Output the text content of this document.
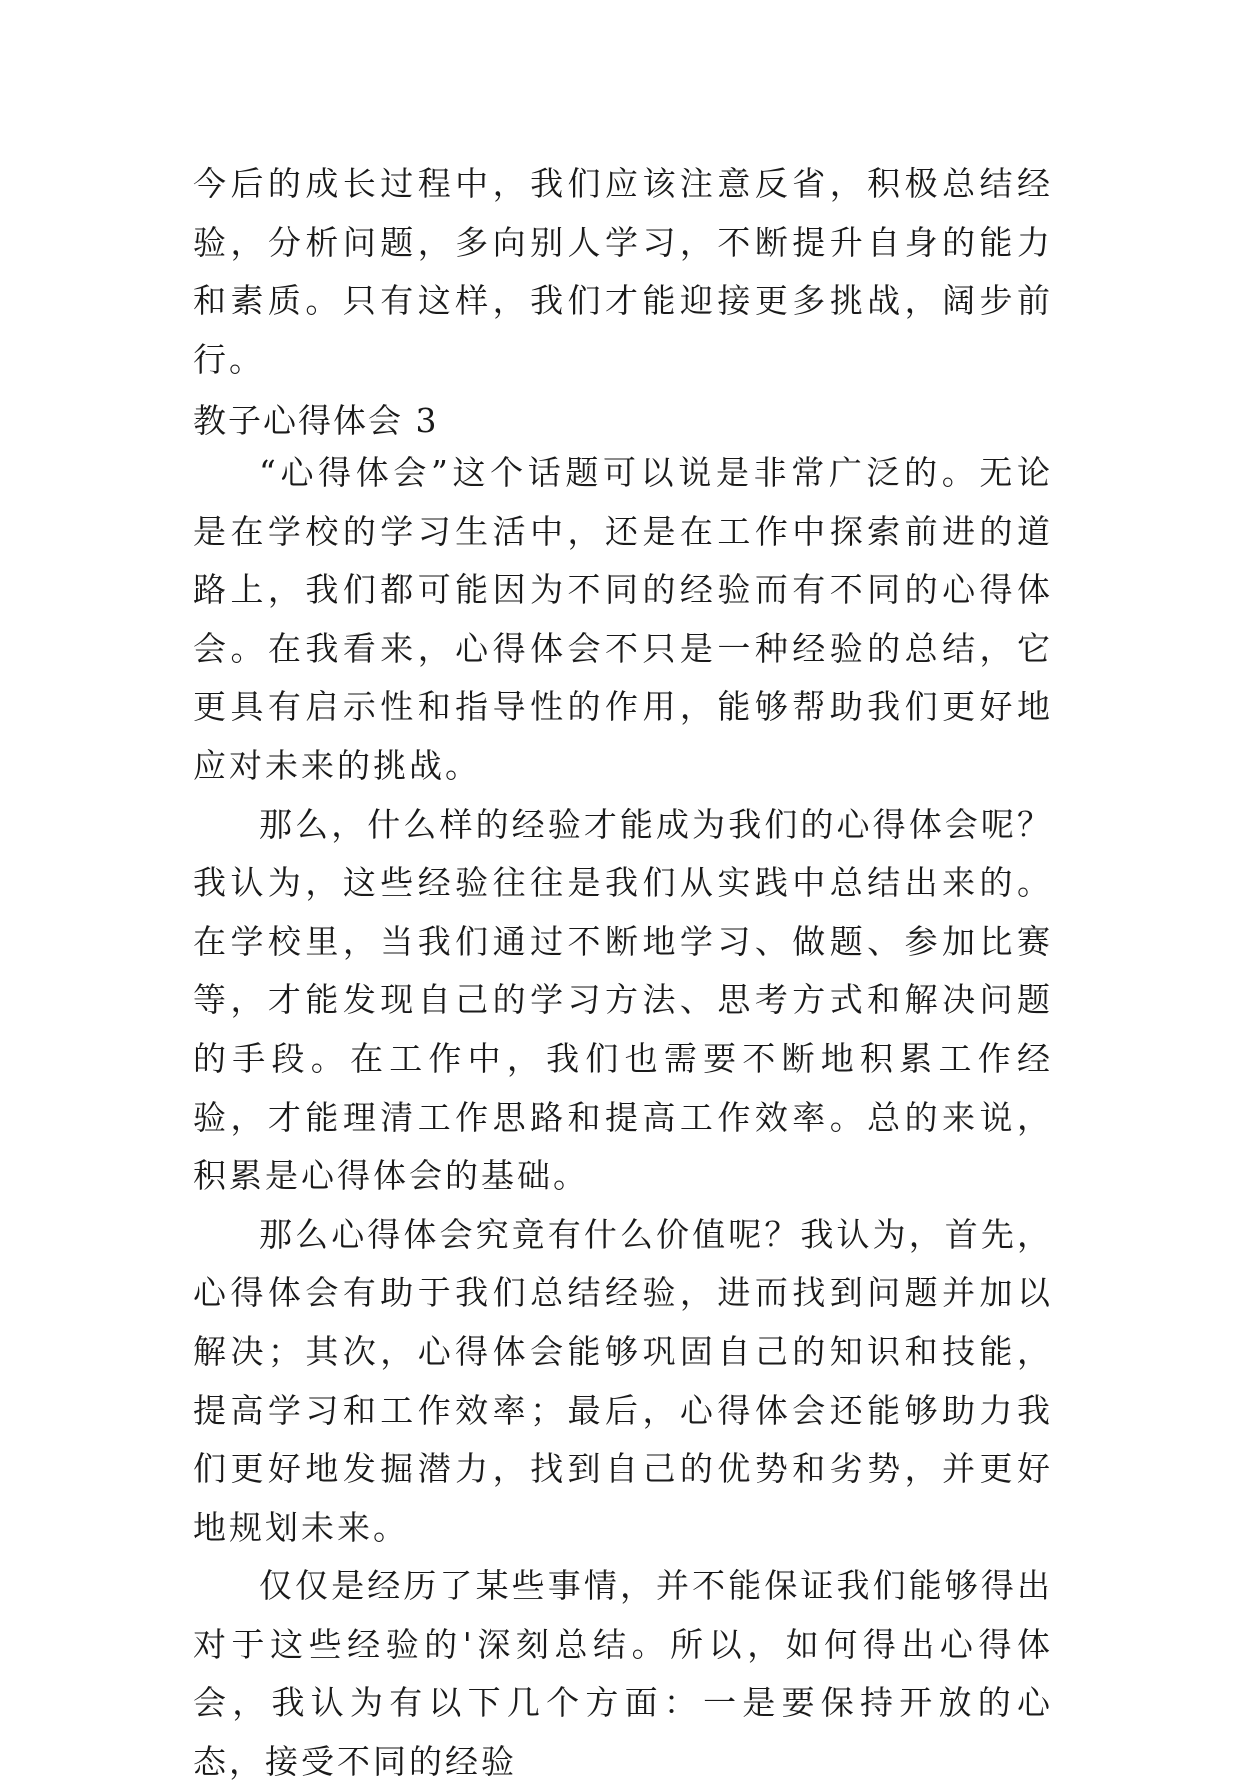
今后的成长过程中，我们应该注意反省，积极总结经验，分析问题，多向别人学习，不断提升自身的能力和素质。只有这样，我们才能迎接更多挑战，阔步前行。

教子心得体会 3

“心得体会”这个话题可以说是非常广泛的。无论是在学校的学习生活中，还是在工作中探索前进的道路上，我们都可能因为不同的经验而有不同的心得体会。在我看来，心得体会不只是一种经验的总结，它更具有启示性和指导性的作用，能够帮助我们更好地应对未来的挑战。

那么，什么样的经验才能成为我们的心得体会呢？我认为，这些经验往往是我们从实践中总结出来的。在学校里，当我们通过不断地学习、做题、参加比赛等，才能发现自己的学习方法、思考方式和解决问题的手段。在工作中，我们也需要不断地积累工作经验，才能理清工作思路和提高工作效率。总的来说，积累是心得体会的基础。

那么心得体会究竟有什么价值呢？我认为，首先，心得体会有助于我们总结经验，进而找到问题并加以解决；其次，心得体会能够巩固自己的知识和技能，提高学习和工作效率；最后，心得体会还能够助力我们更好地发掘潜力，找到自己的优势和劣势，并更好地规划未来。

仅仅是经历了某些事情，并不能保证我们能够得出对于这些经验的'深刻总结。所以，如何得出心得体会，我认为有以下几个方面：一是要保持开放的心态，接受不同的经验
